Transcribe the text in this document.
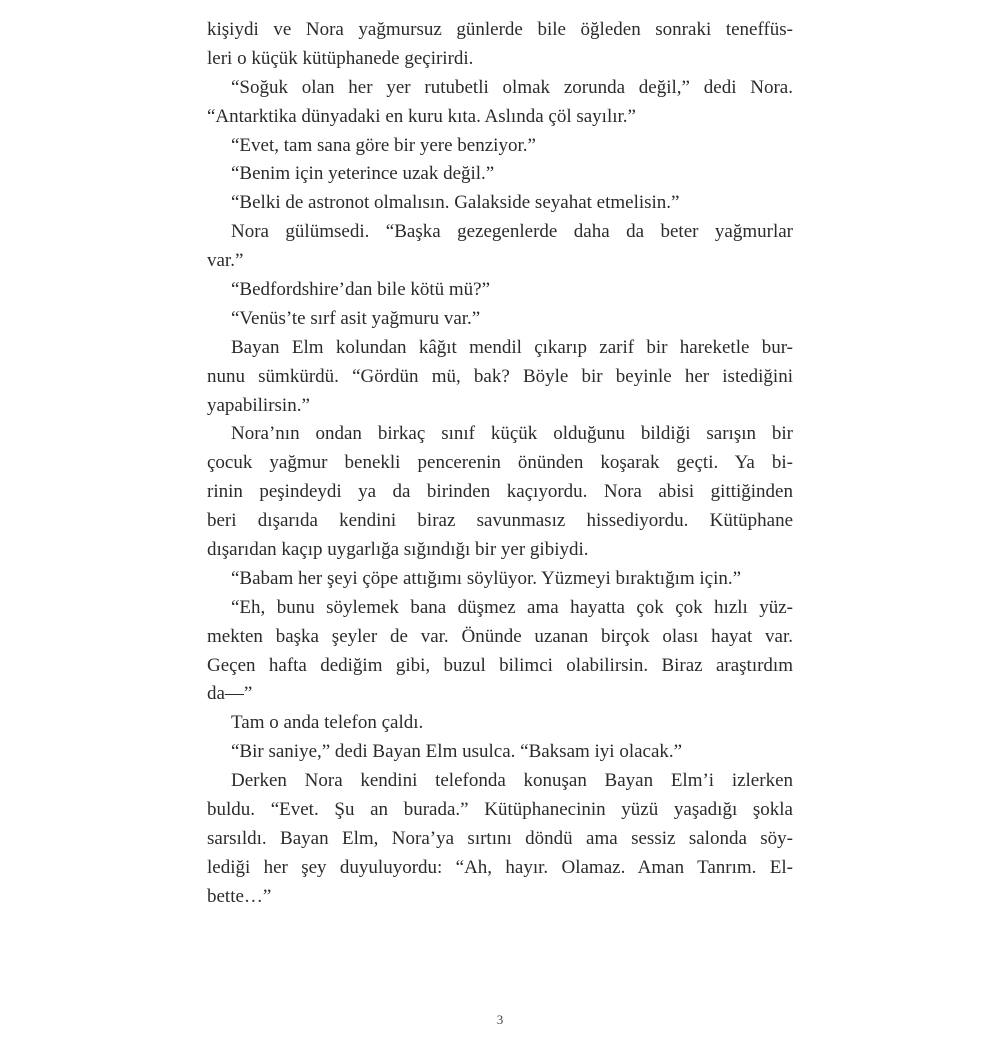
kişiydi ve Nora yağmursuz günlerde bile öğleden sonraki teneffüs-
leri o küçük kütüphanede geçirirdi.
“Soğuk olan her yer rutubetli olmak zorunda değil,” dedi Nora.
“Antarktika dünyadaki en kuru kıta. Aslında çöl sayılır.”
“Evet, tam sana göre bir yere benziyor.”
“Benim için yeterince uzak değil.”
“Belki de astronot olmalısın. Galakside seyahat etmelisin.”
Nora gülümsedi. “Başka gezegenlerde daha da beter yağmurlar
var.”
“Bedfordshire’dan bile kötü mü?”
“Venüs’te sırf asit yağmuru var.”
Bayan Elm kolundan kâğıt mendil çıkarıp zarif bir hareketle bur-
nunu sümkürdü. “Gördün mü, bak? Böyle bir beyinle her istediğini
yapabilirsin.”
Nora’nın ondan birkaç sınıf küçük olduğunu bildiği sarışın bir
çocuk yağmur benekli pencerenin önünden koşarak geçti. Ya bi-
rinin peşindeydi ya da birinden kaçıyordu. Nora abisi gittiğinden
beri dışarıda kendini biraz savunmasız hissediyordu. Kütüphane
dışarıdan kaçıp uygarlığa sığındığı bir yer gibiydi.
“Babam her şeyi çöpe attığımı söylüyor. Yüzmeyi bıraktığım için.”
“Eh, bunu söylemek bana düşmez ama hayatta çok çok hızlı yüz-
mekten başka şeyler de var. Önünde uzanan birçok olası hayat var.
Geçen hafta dediğim gibi, buzul bilimci olabilirsin. Biraz araştırdım
da—”
Tam o anda telefon çaldı.
“Bir saniye,” dedi Bayan Elm usulca. “Baksam iyi olacak.”
Derken Nora kendini telefonda konuşan Bayan Elm’i izlerken
buldu. “Evet. Şu an burada.” Kütüphanecinin yüzü yaşadığı şokla
sarsıldı. Bayan Elm, Nora’ya sırtını döndü ama sessiz salonda söy-
lediği her şey duyuluyordu: “Ah, hayır. Olamaz. Aman Tanrım. El-
bette…”
3
